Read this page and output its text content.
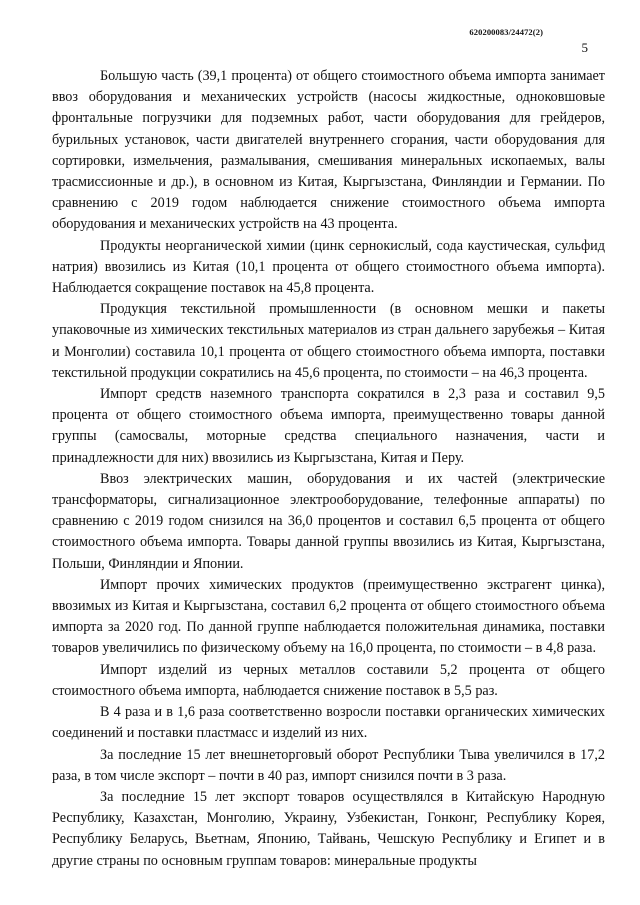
620200083/24472(2)
5

Большую часть (39,1 процента) от общего стоимостного объема импорта занимает ввоз оборудования и механических устройств (насосы жидкостные, одноковшовые фронтальные погрузчики для подземных работ, части оборудования для грейдеров, бурильных установок, части двигателей внутреннего сгорания, части оборудования для сортировки, измельчения, размалывания, смешивания минеральных ископаемых, валы трасмиссионные и др.), в основном из Китая, Кыргызстана, Финляндии и Германии. По сравнению с 2019 годом наблюдается снижение стоимостного объема импорта оборудования и механических устройств на 43 процента.

Продукты неорганической химии (цинк сернокислый, сода каустическая, сульфид натрия) ввозились из Китая (10,1 процента от общего стоимостного объема импорта). Наблюдается сокращение поставок на 45,8 процента.

Продукция текстильной промышленности (в основном мешки и пакеты упаковочные из химических текстильных материалов из стран дальнего зарубежья – Китая и Монголии) составила 10,1 процента от общего стоимостного объема импорта, поставки текстильной продукции сократились на 45,6 процента, по стоимости – на 46,3 процента.

Импорт средств наземного транспорта сократился в 2,3 раза и составил 9,5 процента от общего стоимостного объема импорта, преимущественно товары данной группы (самосвалы, моторные средства специального назначения, части и принадлежности для них) ввозились из Кыргызстана, Китая и Перу.

Ввоз электрических машин, оборудования и их частей (электрические трансформаторы, сигнализационное электрооборудование, телефонные аппараты) по сравнению с 2019 годом снизился на 36,0 процентов и составил 6,5 процента от общего стоимостного объема импорта. Товары данной группы ввозились из Китая, Кыргызстана, Польши, Финляндии и Японии.

Импорт прочих химических продуктов (преимущественно экстрагент цинка), ввозимых из Китая и Кыргызстана, составил 6,2 процента от общего стоимостного объема импорта за 2020 год. По данной группе наблюдается положительная динамика, поставки товаров увеличились по физическому объему на 16,0 процента, по стоимости – в 4,8 раза.

Импорт изделий из черных металлов составили 5,2 процента от общего стоимостного объема импорта, наблюдается снижение поставок в 5,5 раз.

В 4 раза и в 1,6 раза соответственно возросли поставки органических химических соединений и поставки пластмасс и изделий из них.

За последние 15 лет внешнеторговый оборот Республики Тыва увеличился в 17,2 раза, в том числе экспорт – почти в 40 раз, импорт снизился почти в 3 раза.

За последние 15 лет экспорт товаров осуществлялся в Китайскую Народную Республику, Казахстан, Монголию, Украину, Узбекистан, Гонконг, Республику Корея, Республику Беларусь, Вьетнам, Японию, Тайвань, Чешскую Республику и Египет и в другие страны по основным группам товаров: минеральные продукты
